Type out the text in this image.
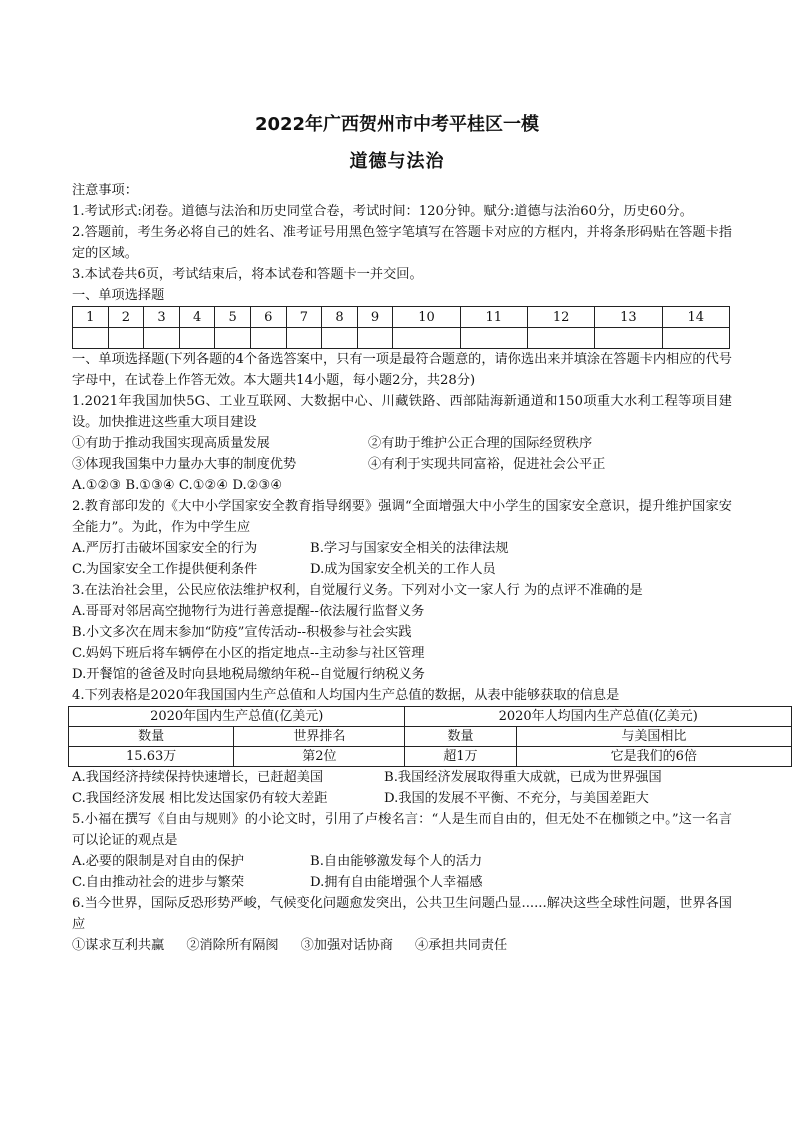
2022年广西贺州市中考平桂区一模
道德与法治

注意事项：

1.考试形式:闭卷。道德与法治和历史同堂合卷，考试时间：120分钟。赋分:道德与法治60分，历史60分。

2.答题前，考生务必将自己的姓名、准考证号用黑色签字笔填写在答题卡对应的方框内，并将条形码贴在答题卡指定的区域。

3.本试卷共6页，考试结束后，将本试卷和答题卡一并交回。

一、单项选择题

1	2	3	4	5	6	7	8	9	10	11	12	13	14

一、单项选择题(下列各题的4个备选答案中，只有一项是最符合题意的，请你选出来并填涂在答题卡内相应的代号字母中，在试卷上作答无效。本大题共14小题，每小题2分，共28分)

1.2021年我国加快5G、工业互联网、大数据中心、川藏铁路、西部陆海新通道和150项重大水利工程等项目建设。加快推进这些重大项目建设

①有助于推动我国实现高质量发展	②有助于维护公正合理的国际经贸秩序
③体现我国集中力量办大事的制度优势	④有利于实现共同富裕，促进社会公平正

A.①②③ B.①③④ C.①②④ D.②③④

2.教育部印发的《大中小学国家安全教育指导纲要》强调“全面增强大中小学生的国家安全意识，提升维护国家安全能力”。为此，作为中学生应

A.严厉打击破坏国家安全的行为	B.学习与国家安全相关的法律法规
C.为国家安全工作提供便利条件	D.成为国家安全机关的工作人员

3.在法治社会里，公民应依法维护权利，自觉履行义务。下列对小文一家人行 为的点评不准确的是

A.哥哥对邻居高空抛物行为进行善意提醒--依法履行监督义务

B.小文多次在周末参加“防疫”宣传活动--积极参与社会实践

C.妈妈下班后将车辆停在小区的指定地点--主动参与社区管理

D.开餐馆的爸爸及时向县地税局缴纳年税--自觉履行纳税义务

4.下列表格是2020年我国国内生产总值和人均国内生产总值的数据，从表中能够获取的信息是

2020年国内生产总值(亿美元)		2020年人均国内生产总值(亿美元)	
数量	世界排名	数量	与美国相比
15.63万	第2位	超1万	它是我们的6倍
A.我国经济持续保持快速增长，已赶超美国	B.我国经济发展取得重大成就，已成为世界强国
C.我国经济发展 相比发达国家仍有较大差距	D.我国的发展不平衡、不充分，与美国差距大

5.小福在撰写《自由与规则》的小论文时，引用了卢梭名言：“人是生而自由的，但无处不在枷锁之中。”这一名言可以论证的观点是

A.必要的限制是对自由的保护	B.自由能够激发每个人的活力
C.自由推动社会的进步与繁荣	D.拥有自由能增强个人幸福感

6.当今世界，国际反恐形势严峻，气候变化问题愈发突出，公共卫生问题凸显......解决这些全球性问题，世界各国应

①谋求互利共赢 ②消除所有隔阂 ③加强对话协商 ④承担共同责任
